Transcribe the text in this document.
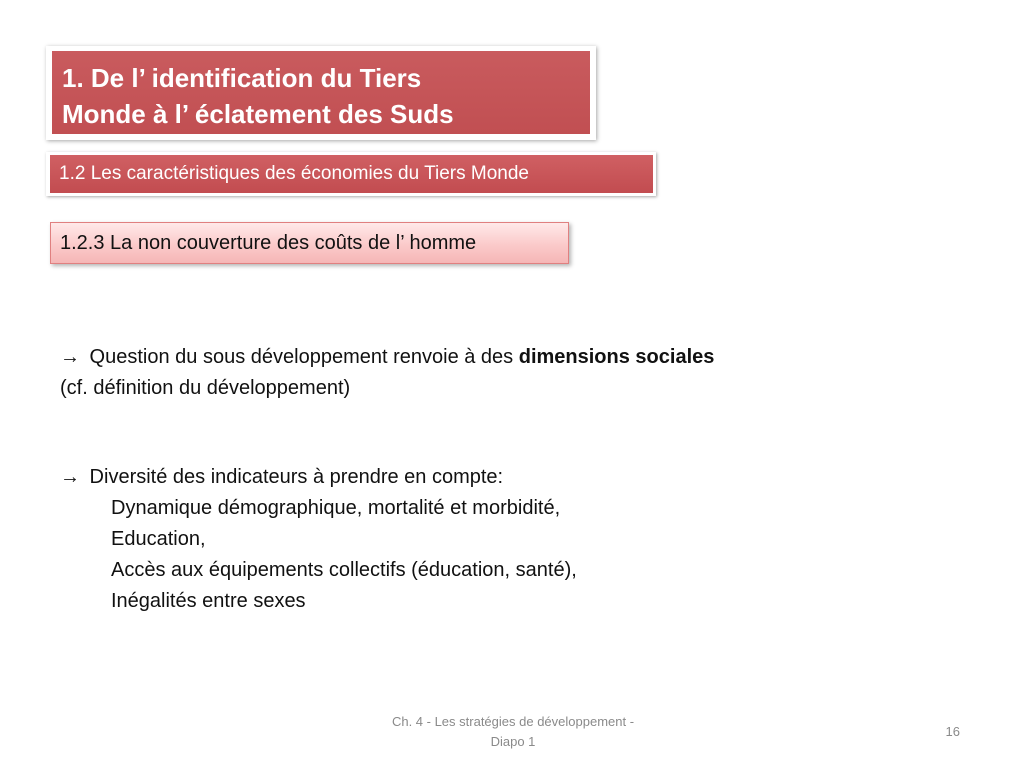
1. De l’ identification du Tiers
Monde à l’ éclatement des Suds
1.2 Les caractéristiques des économies du Tiers Monde
1.2.3 La non couverture des coûts de l’ homme
→ Question du sous développement renvoie à des dimensions sociales
(cf. définition du développement)
→ Diversité des indicateurs à prendre en compte:
Dynamique démographique, mortalité et morbidité,
Education,
Accès aux équipements collectifs (éducation, santé),
Inégalités entre sexes
Ch. 4 - Les stratégies de développement -
Diapo 1
16
